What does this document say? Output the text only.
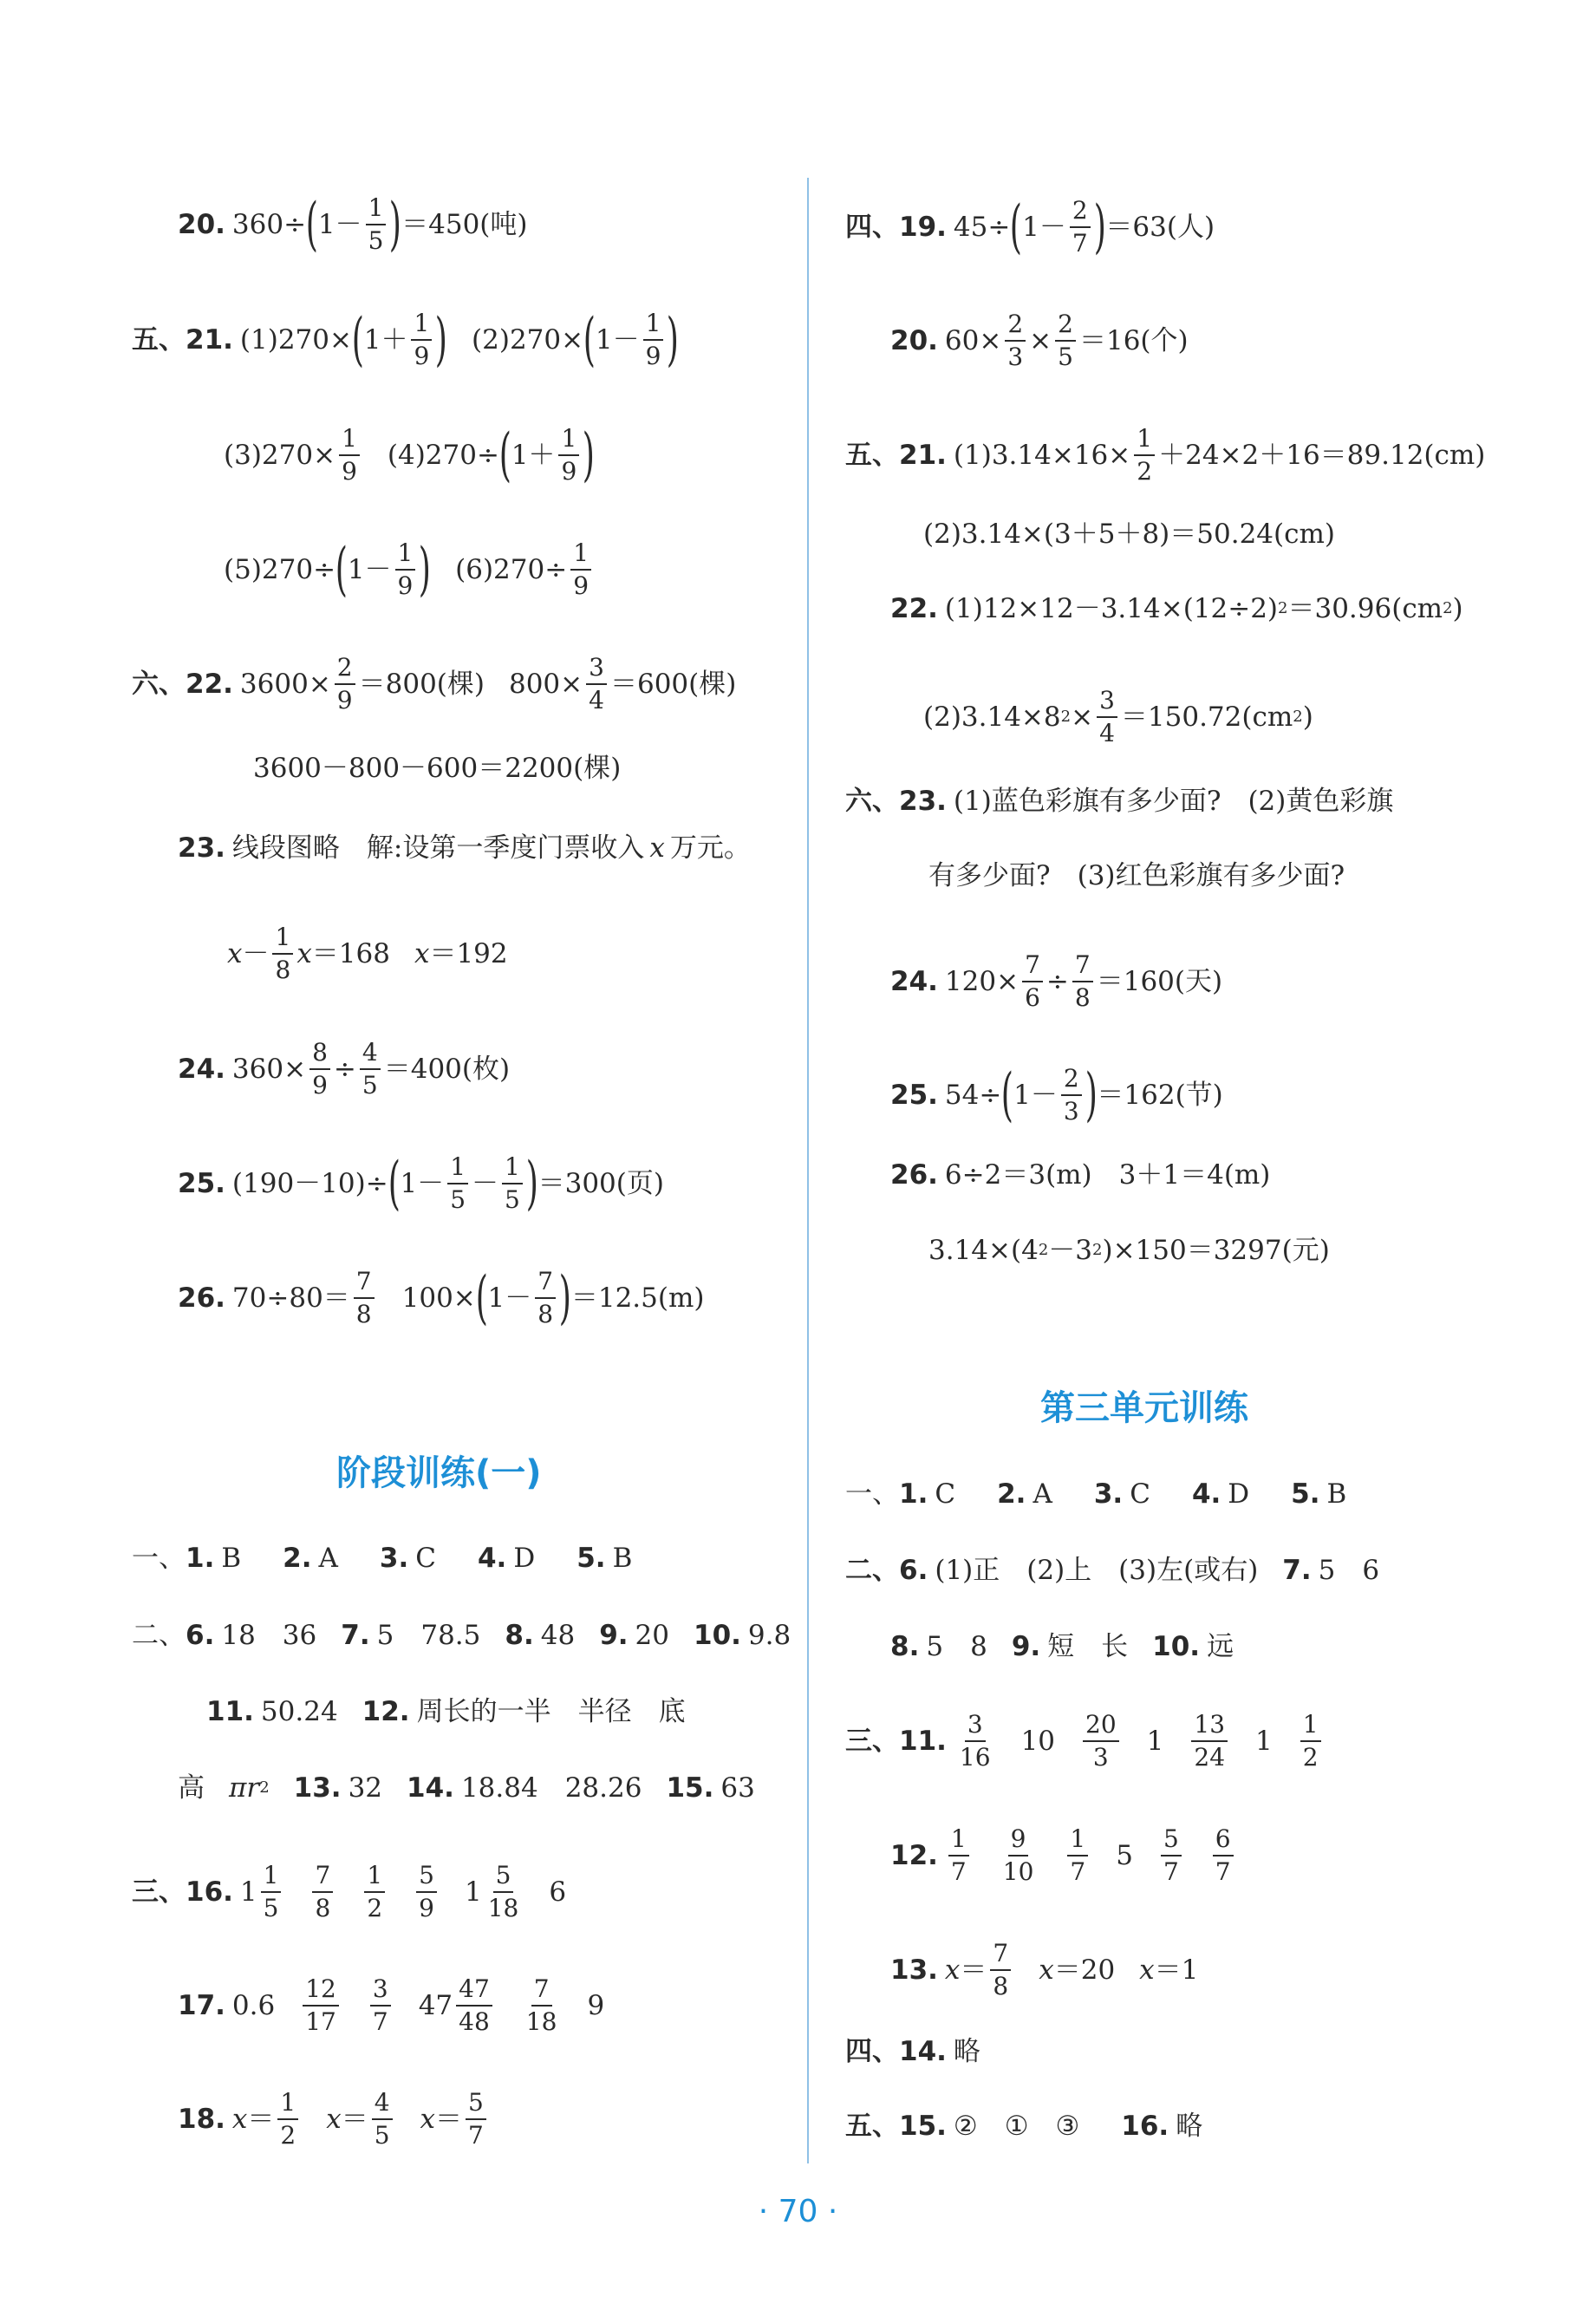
20. 360÷ ( 1－
1
5 ) ＝450(吨)
五、21. (1)270× ( 1＋
1
9 ) (2)270× ( 1－
1
9 )
$(3)270\times \frac{1}{9} (4)270\div$ ( 1＋
1
9 )
(5)270÷ ( 1－
1
9 ) $(6)270\div \frac{1}{9}$
六、22. $3600\times \frac{2}{9} =800$(棵) $800\times \frac{3}{4} =600$(棵)
3600－800－600＝2200(棵)
23. 线段图略　解:设第一季度门票收入 x 万元。
x －
1
8
x ＝168 x ＝192
24. $360\times \frac{8}{9} \div \frac{4}{5} =400$(枚)
25. (190－10)÷ ( 1－
1
5
－
1
5 ) ＝300(页)
26. 70÷80＝
7
8
100× ( 1－
7
8 ) ＝12.5(m)
阶段训练(一)
一、 1. B 2. A 3. C 4. D 5. B
二、 6. 18　36 7. 5　78.5 8. 48 9. 20 10. 9.8
11. 50.24 12. 周长的一半　半径　底
高 πr 2 13. 32 14. 18.84　28.26 15. 63
三、16. 1
1
5
7
8
1
2
5
9
1
5
18
6
17. 0.6
12
17
3
7
47
47
48
7
18
9
18. x ＝
1
2
x ＝
4
5
x ＝
5
7
四、19. 45÷ ( 1－
2
7 ) ＝63(人)
20. $60\times \frac{2}{3} \times \frac{2}{5} =16$(个)
五、21. $(1)3.14\times 16\times \frac{1}{2} +24\times 2+16=89.12(cm)$
(2)3.14×(3＋5＋8)＝50.24(cm)
22. (1)12×12－3.14×(12÷2) 2 ＝30.96(cm 2 )
(2)3.14×8 $2 \times \frac{3}{4} =150.72(cm$ 2 )
六、23. (1)蓝色彩旗有多少面?　(2)黄色彩旗
有多少面?　(3)红色彩旗有多少面?
24. $120\times \frac{7}{6} \div \frac{7}{8} =160$(天)
25. 54÷ ( 1－
2
3 ) ＝162(节)
26. 6÷2＝3(m)　3＋1＝4(m)
3.14×(4 2 －3 2 )×150＝3297(元)
第三单元训练
一、 1. C 2. A 3. C 4. D 5. B
二、6. (1)正　(2)上　(3)左(或右) 7. 5　6
8. 5　8 9. 短　长 10. 远
三、11.
3
16
10
20
3
1
13
24
1
1
2
12.
1
7
9
10
1
7
5
5
7
6
7
13. x ＝
7
8
x ＝20 x ＝1
四、14. 略
五、15. ②　①　③ 16. 略
· 70 ·
